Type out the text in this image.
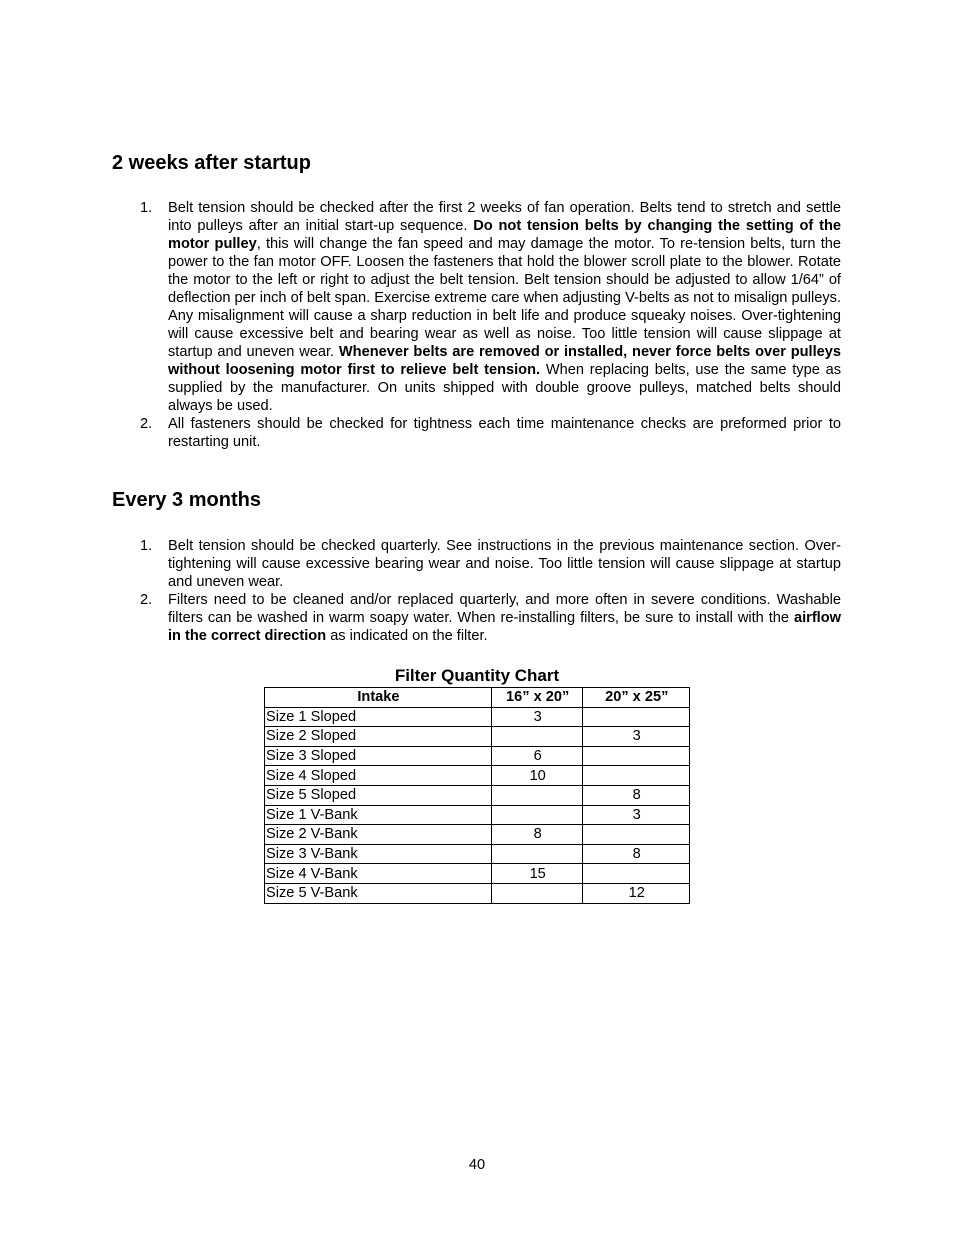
2 weeks after startup
1. Belt tension should be checked after the first 2 weeks of fan operation. Belts tend to stretch and settle into pulleys after an initial start-up sequence. Do not tension belts by changing the setting of the motor pulley, this will change the fan speed and may damage the motor. To re-tension belts, turn the power to the fan motor OFF. Loosen the fasteners that hold the blower scroll plate to the blower. Rotate the motor to the left or right to adjust the belt tension. Belt tension should be adjusted to allow 1/64” of deflection per inch of belt span. Exercise extreme care when adjusting V-belts as not to misalign pulleys. Any misalignment will cause a sharp reduction in belt life and produce squeaky noises. Over-tightening will cause excessive belt and bearing wear as well as noise. Too little tension will cause slippage at startup and uneven wear. Whenever belts are removed or installed, never force belts over pulleys without loosening motor first to relieve belt tension. When replacing belts, use the same type as supplied by the manufacturer. On units shipped with double groove pulleys, matched belts should always be used.
2. All fasteners should be checked for tightness each time maintenance checks are preformed prior to restarting unit.
Every 3 months
1. Belt tension should be checked quarterly. See instructions in the previous maintenance section. Over-tightening will cause excessive bearing wear and noise. Too little tension will cause slippage at startup and uneven wear.
2. Filters need to be cleaned and/or replaced quarterly, and more often in severe conditions. Washable filters can be washed in warm soapy water. When re-installing filters, be sure to install with the airflow in the correct direction as indicated on the filter.
Filter Quantity Chart
Intake	16” x 20”	20” x 25”
Size 1 Sloped	3	
Size 2 Sloped		3
Size 3 Sloped	6	
Size 4 Sloped	10	
Size 5 Sloped		8
Size 1 V-Bank		3
Size 2 V-Bank	8	
Size 3 V-Bank		8
Size 4 V-Bank	15	
Size 5 V-Bank		12
40
